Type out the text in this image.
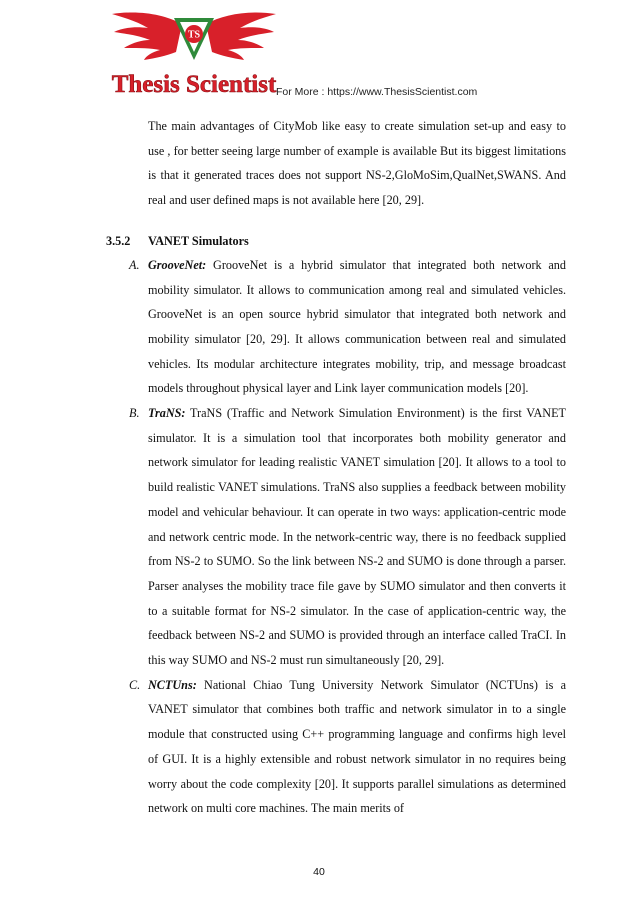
TS
Thesis Scientist For More : https://www.ThesisScientist.com
The main advantages of CityMob like easy to create simulation set-up and easy to use , for better seeing large number of example is available But its biggest limitations is that it generated traces does not support NS-2,GloMoSim,QualNet,SWANS. And real and user defined maps is not available here [20, 29].
3.5.2 VANET Simulators
A. GrooveNet: GrooveNet is a hybrid simulator that integrated both network and mobility simulator. It allows to communication among real and simulated vehicles. GrooveNet is an open source hybrid simulator that integrated both network and mobility simulator [20, 29]. It allows communication between real and simulated vehicles. Its modular architecture integrates mobility, trip, and message broadcast models throughout physical layer and Link layer communication models [20].
B. TraNS: TraNS (Traffic and Network Simulation Environment) is the first VANET simulator. It is a simulation tool that incorporates both mobility generator and network simulator for leading realistic VANET simulation [20]. It allows to a tool to build realistic VANET simulations. TraNS also supplies a feedback between mobility model and vehicular behaviour. It can operate in two ways: application-centric mode and network centric mode. In the network-centric way, there is no feedback supplied from NS-2 to SUMO. So the link between NS-2 and SUMO is done through a parser. Parser analyses the mobility trace file gave by SUMO simulator and then converts it to a suitable format for NS-2 simulator. In the case of application-centric way, the feedback between NS-2 and SUMO is provided through an interface called TraCI. In this way SUMO and NS-2 must run simultaneously [20, 29].
C. NCTUns: National Chiao Tung University Network Simulator (NCTUns) is a VANET simulator that combines both traffic and network simulator in to a single module that constructed using C++ programming language and confirms high level of GUI. It is a highly extensible and robust network simulator in no requires being worry about the code complexity [20]. It supports parallel simulations as determined network on multi core machines. The main merits of
40
